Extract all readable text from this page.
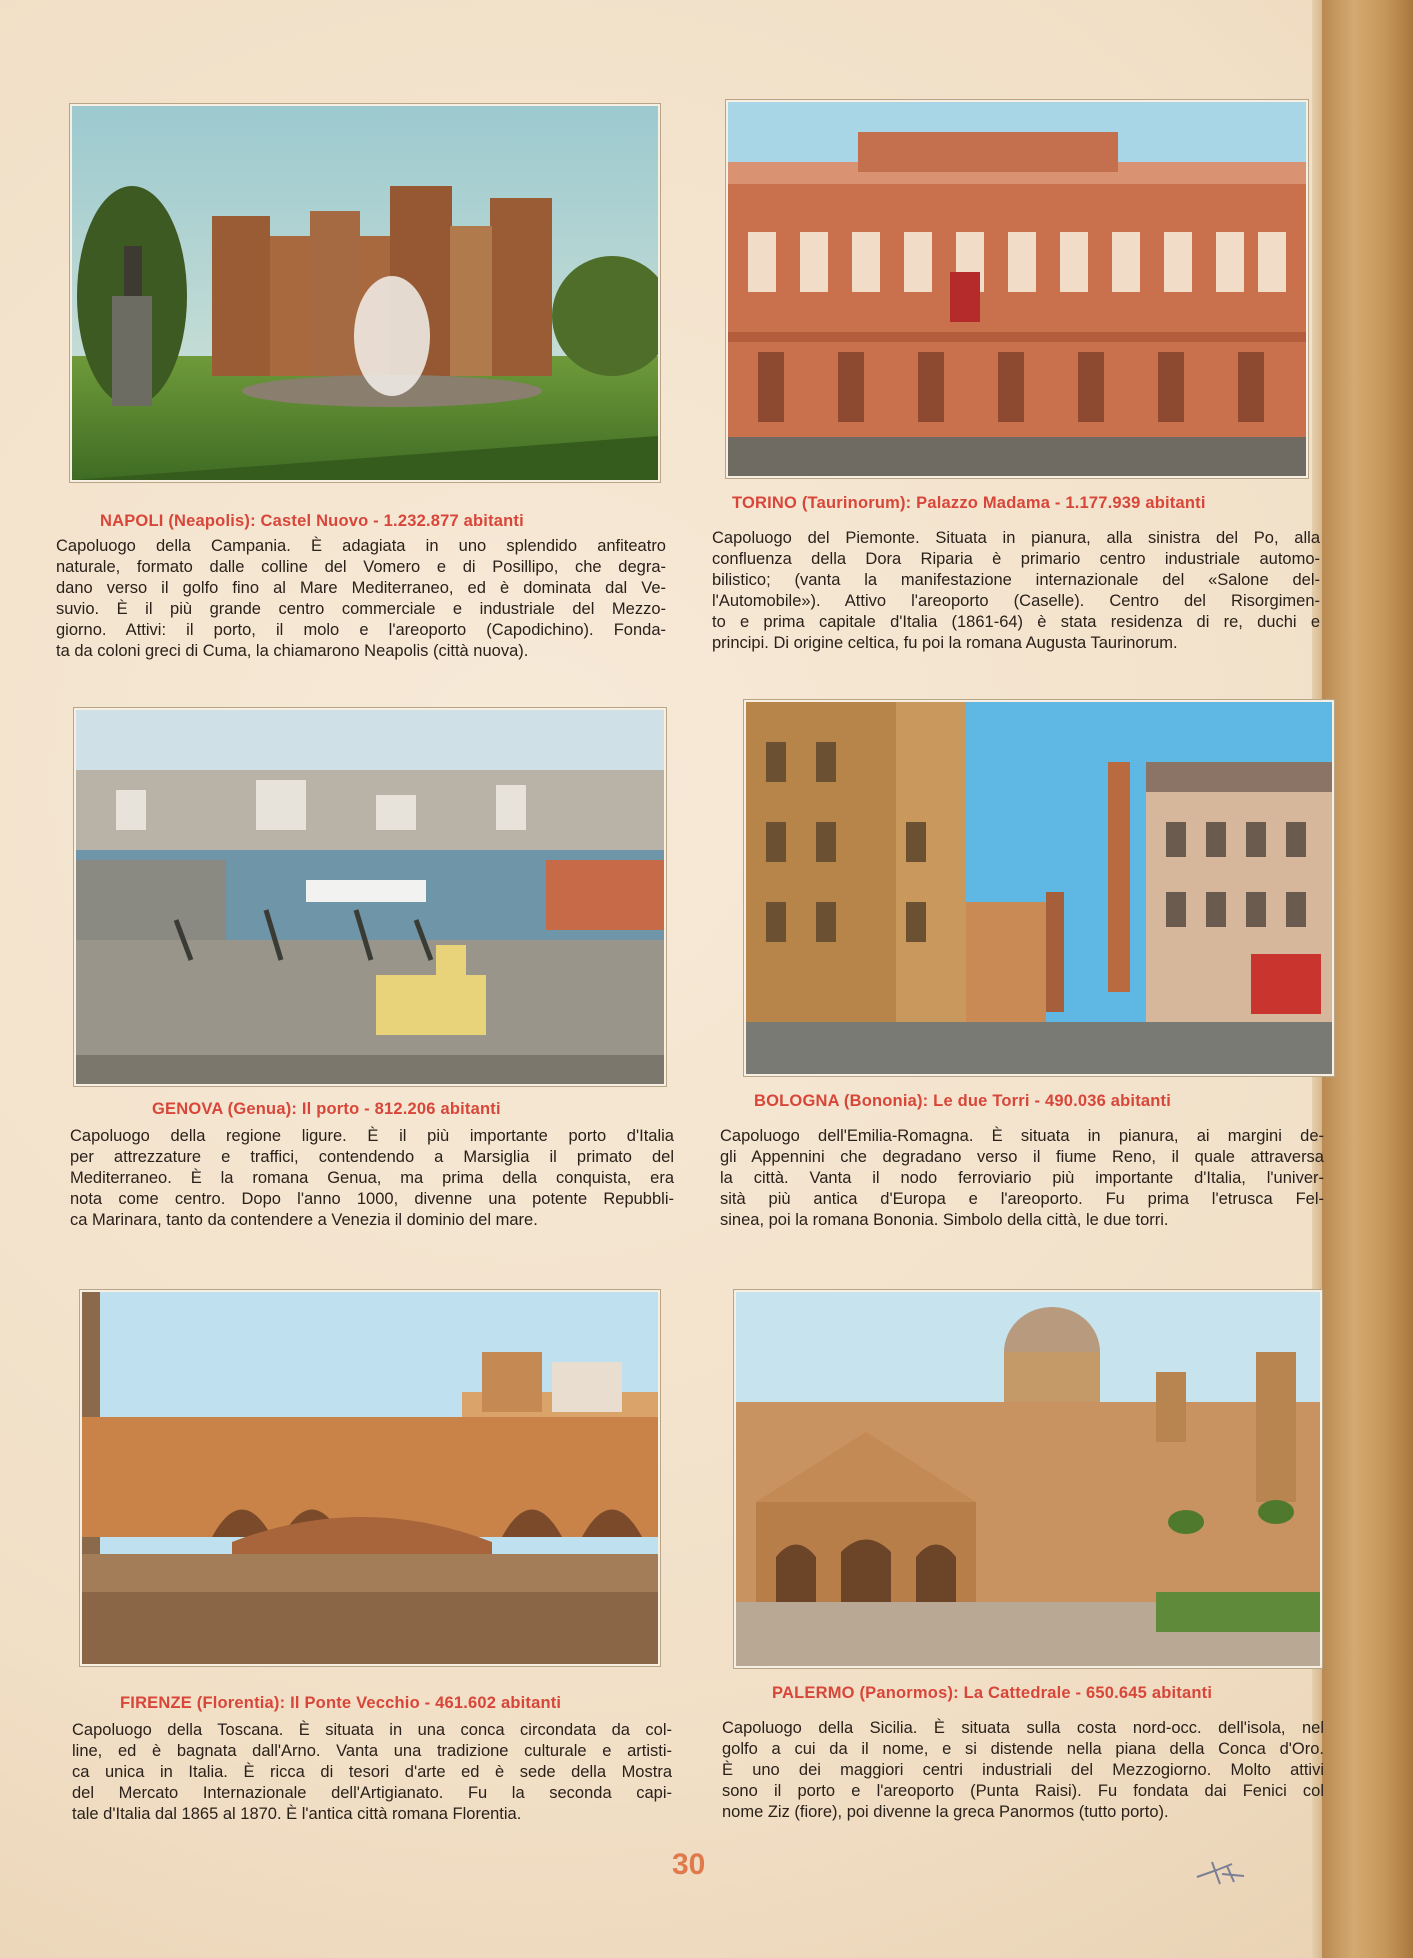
NAPOLI (Neapolis): Castel Nuovo - 1.232.877 abitanti
Capoluogo della Campania. È adagiata in uno splendido anfiteatro
naturale, formato dalle colline del Vomero e di Posillipo, che degra-
dano verso il golfo fino al Mare Mediterraneo, ed è dominata dal Ve-
suvio. È il più grande centro commerciale e industriale del Mezzo-
giorno. Attivi: il porto, il molo e l'areoporto (Capodichino). Fonda-
ta da coloni greci di Cuma, la chiamarono Neapolis (città nuova).
TORINO (Taurinorum): Palazzo Madama - 1.177.939 abitanti
Capoluogo del Piemonte. Situata in pianura, alla sinistra del Po, alla
confluenza della Dora Riparia è primario centro industriale automo-
bilistico; (vanta la manifestazione internazionale del «Salone del-
l'Automobile»). Attivo l'areoporto (Caselle). Centro del Risorgimen-
to e prima capitale d'Italia (1861-64) è stata residenza di re, duchi e
principi. Di origine celtica, fu poi la romana Augusta Taurinorum.
GENOVA (Genua): Il porto - 812.206 abitanti
Capoluogo della regione ligure. È il più importante porto d'Italia
per attrezzature e traffici, contendendo a Marsiglia il primato del
Mediterraneo. È la romana Genua, ma prima della conquista, era
nota come centro. Dopo l'anno 1000, divenne una potente Repubbli-
ca Marinara, tanto da contendere a Venezia il dominio del mare.
BOLOGNA (Bononia): Le due Torri - 490.036 abitanti
Capoluogo dell'Emilia-Romagna. È situata in pianura, ai margini de-
gli Appennini che degradano verso il fiume Reno, il quale attraversa
la città. Vanta il nodo ferroviario più importante d'Italia, l'univer-
sità più antica d'Europa e l'areoporto. Fu prima l'etrusca Fel-
sinea, poi la romana Bononia. Simbolo della città, le due torri.
FIRENZE (Florentia): Il Ponte Vecchio - 461.602 abitanti
Capoluogo della Toscana. È situata in una conca circondata da col-
line, ed è bagnata dall'Arno. Vanta una tradizione culturale e artisti-
ca unica in Italia. È ricca di tesori d'arte ed è sede della Mostra
del Mercato Internazionale dell'Artigianato. Fu la seconda capi-
tale d'Italia dal 1865 al 1870. È l'antica città romana Florentia.
PALERMO (Panormos): La Cattedrale - 650.645 abitanti
Capoluogo della Sicilia. È situata sulla costa nord-occ. dell'isola, nel
golfo a cui da il nome, e si distende nella piana della Conca d'Oro.
È uno dei maggiori centri industriali del Mezzogiorno. Molto attivi
sono il porto e l'areoporto (Punta Raisi). Fu fondata dai Fenici col
nome Ziz (fiore), poi divenne la greca Panormos (tutto porto).
30
